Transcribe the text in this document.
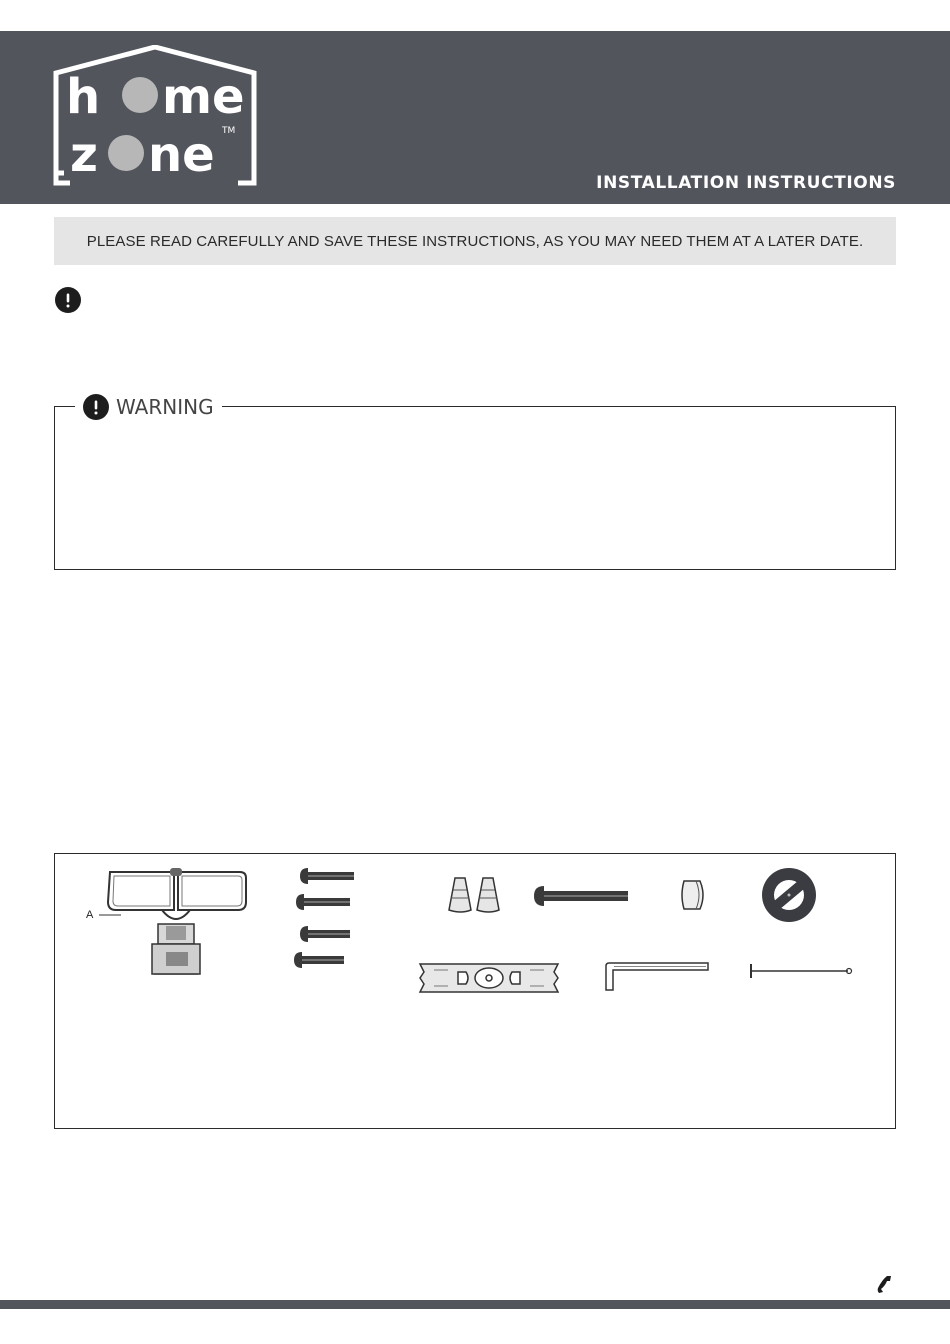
h me
z ne TM
INSTALLATION INSTRUCTIONS
PLEASE READ CAREFULLY AND SAVE THESE INSTRUCTIONS, AS YOU MAY NEED THEM AT A LATER DATE.
WARNING
A
